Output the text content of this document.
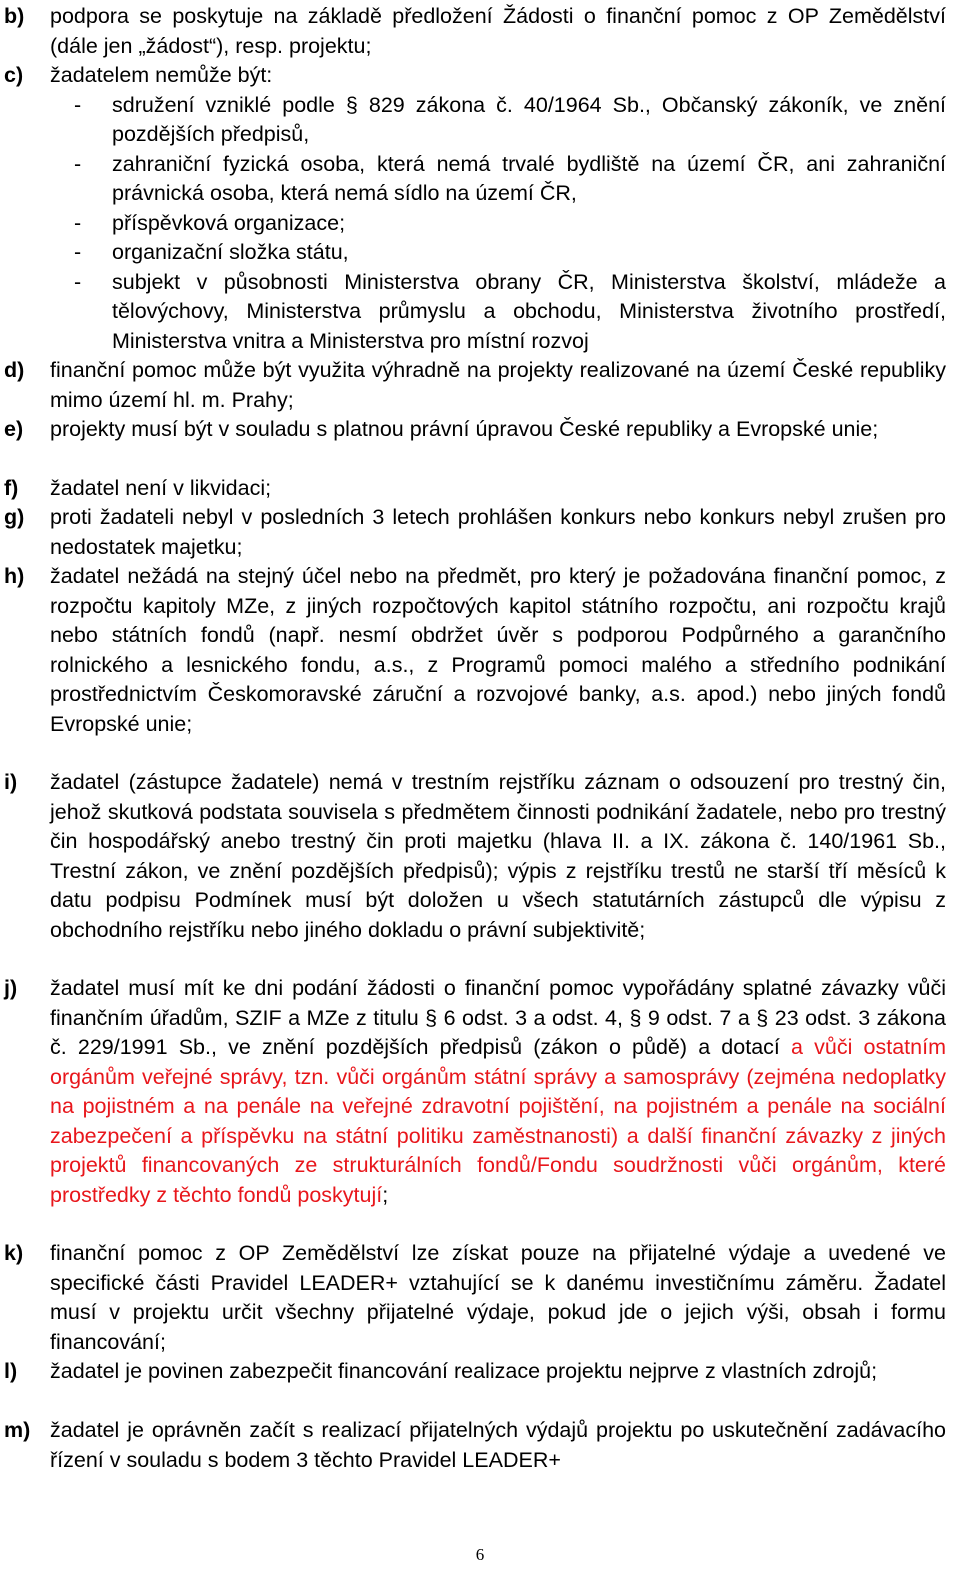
b) podpora se poskytuje na základě předložení Žádosti o finanční pomoc z OP Zemědělství (dále jen „žádost“), resp. projektu;
c) žadatelem nemůže být:
- sdružení vzniklé podle § 829 zákona č. 40/1964 Sb., Občanský zákoník, ve znění pozdějších předpisů,
- zahraniční fyzická osoba, která nemá trvalé bydliště na území ČR, ani zahraniční právnická osoba, která nemá sídlo na území ČR,
- příspěvková organizace;
- organizační složka státu,
- subjekt v působnosti Ministerstva obrany ČR, Ministerstva školství, mládeže a tělovýchovy, Ministerstva průmyslu a obchodu, Ministerstva životního prostředí, Ministerstva vnitra a Ministerstva pro místní rozvoj
d) finanční pomoc může být využita výhradně na projekty realizované na území České republiky mimo území hl. m. Prahy;
e) projekty musí být v souladu s platnou právní úpravou České republiky a Evropské unie;
f) žadatel není v likvidaci;
g) proti žadateli nebyl v posledních 3 letech prohlášen konkurs nebo konkurs nebyl zrušen pro nedostatek majetku;
h) žadatel nežádá na stejný účel nebo na předmět, pro který je požadována finanční pomoc, z rozpočtu kapitoly MZe, z jiných rozpočtových kapitol státního rozpočtu, ani rozpočtu krajů nebo státních fondů (např. nesmí obdržet úvěr s podporou Podpůrného a garančního rolnického a lesnického fondu, a.s., z Programů pomoci malého a středního podnikání prostřednictvím Českomoravské záruční a rozvojové banky, a.s. apod.) nebo jiných fondů Evropské unie;
i) žadatel (zástupce žadatele) nemá v trestním rejstříku záznam o odsouzení pro trestný čin, jehož skutková podstata souvisela s předmětem činnosti podnikání žadatele, nebo pro trestný čin hospodářský anebo trestný čin proti majetku (hlava II. a IX. zákona č. 140/1961 Sb., Trestní zákon, ve znění pozdějších předpisů); výpis z rejstříku trestů ne starší tří měsíců k datu podpisu Podmínek musí být doložen u všech statutárních zástupců dle výpisu z obchodního rejstříku nebo jiného dokladu o právní subjektivitě;
j) žadatel musí mít ke dni podání žádosti o finanční pomoc vypořádány splatné závazky vůči finančním úřadům, SZIF a MZe z titulu § 6 odst. 3 a odst. 4, § 9 odst. 7 a § 23 odst. 3 zákona č. 229/1991 Sb., ve znění pozdějších předpisů (zákon o půdě) a dotací a vůči ostatním orgánům veřejné správy, tzn. vůči orgánům státní správy a samosprávy (zejména nedoplatky na pojistném a na penále na veřejné zdravotní pojištění, na pojistném a penále na sociální zabezpečení a příspěvku na státní politiku zaměstnanosti) a další finanční závazky z jiných projektů financovaných ze strukturálních fondů/Fondu soudržnosti vůči orgánům, které prostředky z těchto fondů poskytují;
k) finanční pomoc z OP Zemědělství lze získat pouze na přijatelné výdaje a uvedené ve specifické části Pravidel LEADER+ vztahující se k danému investičnímu záměru. Žadatel musí v projektu určit všechny přijatelné výdaje, pokud jde o jejich výši, obsah i formu financování;
l) žadatel je povinen zabezpečit financování realizace projektu nejprve z vlastních zdrojů;
m) žadatel je oprávněn začít s realizací přijatelných výdajů projektu po uskutečnění zadávacího řízení v souladu s bodem 3 těchto Pravidel LEADER+
6
